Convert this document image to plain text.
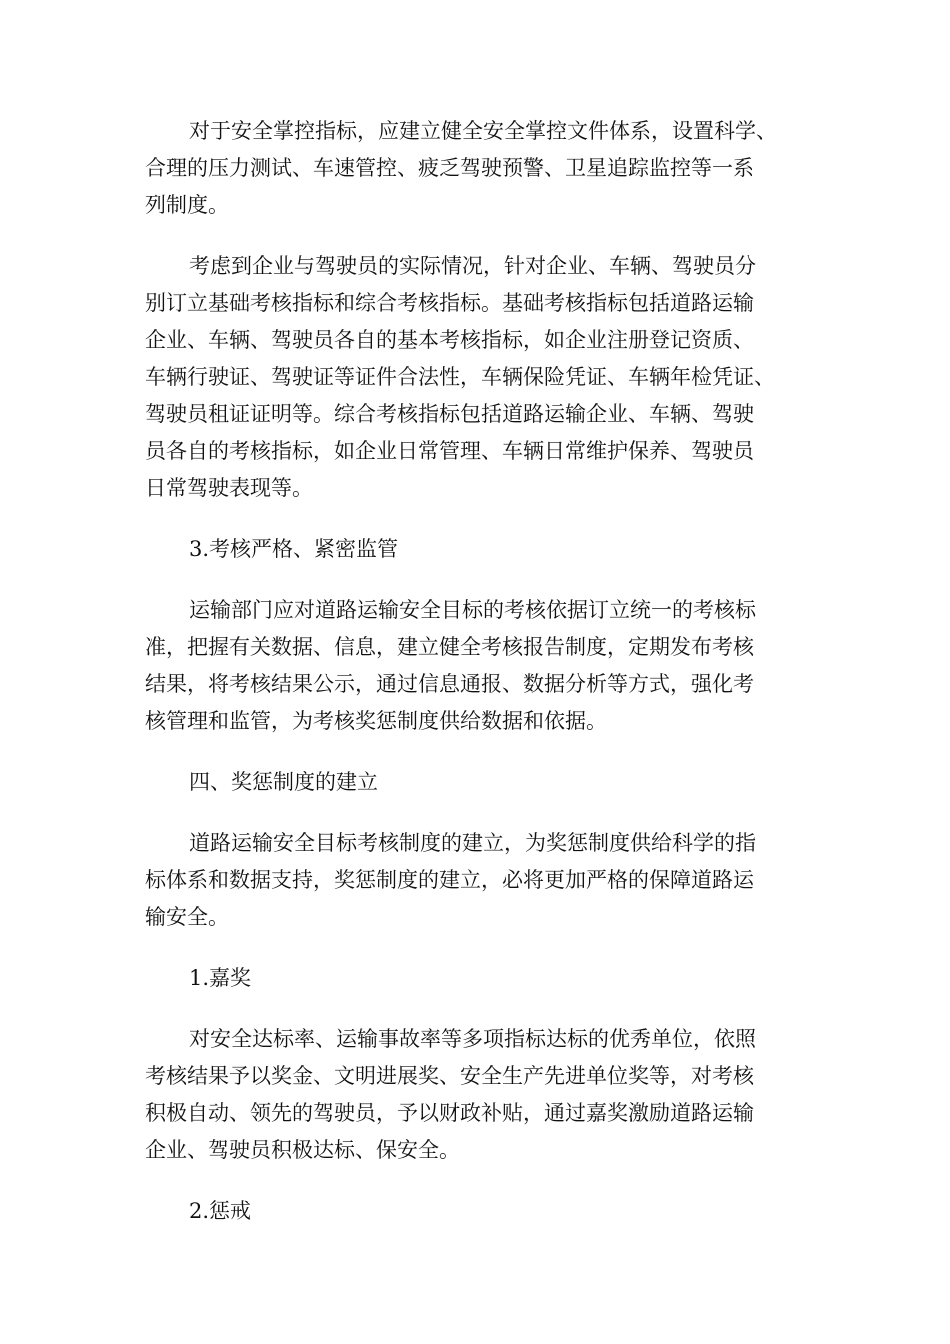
对于安全掌控指标，应建立健全安全掌控文件体系，设置科学、
合理的压力测试、车速管控、疲乏驾驶预警、卫星追踪监控等一系
列制度。
考虑到企业与驾驶员的实际情况，针对企业、车辆、驾驶员分
别订立基础考核指标和综合考核指标。基础考核指标包括道路运输
企业、车辆、驾驶员各自的基本考核指标，如企业注册登记资质、
车辆行驶证、驾驶证等证件合法性，车辆保险凭证、车辆年检凭证、
驾驶员租证证明等。综合考核指标包括道路运输企业、车辆、驾驶
员各自的考核指标，如企业日常管理、车辆日常维护保养、驾驶员
日常驾驶表现等。
3.考核严格、紧密监管
运输部门应对道路运输安全目标的考核依据订立统一的考核标
准，把握有关数据、信息，建立健全考核报告制度，定期发布考核
结果，将考核结果公示，通过信息通报、数据分析等方式，强化考
核管理和监管，为考核奖惩制度供给数据和依据。
四、奖惩制度的建立
道路运输安全目标考核制度的建立，为奖惩制度供给科学的指
标体系和数据支持，奖惩制度的建立，必将更加严格的保障道路运
输安全。
1.嘉奖
对安全达标率、运输事故率等多项指标达标的优秀单位，依照
考核结果予以奖金、文明进展奖、安全生产先进单位奖等，对考核
积极自动、领先的驾驶员，予以财政补贴，通过嘉奖激励道路运输
企业、驾驶员积极达标、保安全。
2.惩戒
